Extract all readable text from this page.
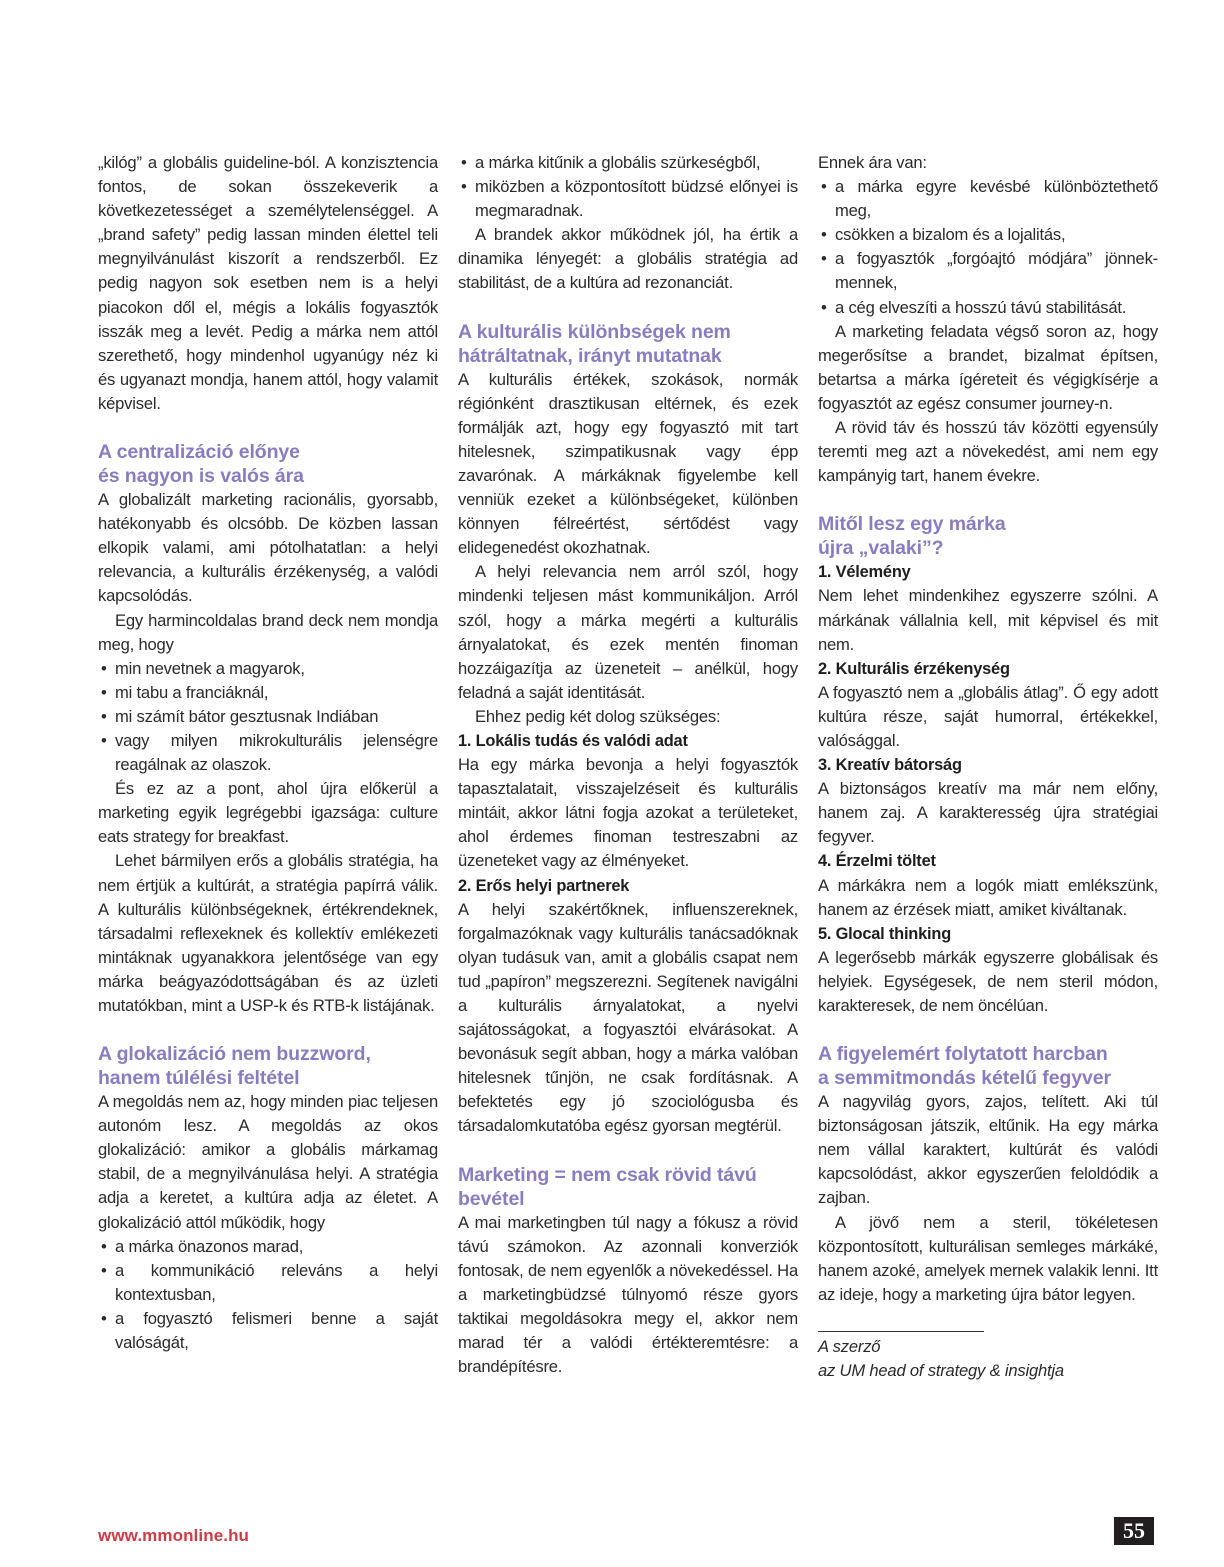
„kilóg” a globális guideline-ból. A konzisztencia fontos, de sokan összekeverik a következetességet a személytelenséggel. A „brand safety” pedig lassan minden élettel teli megnyilvánulást kiszorít a rendszerből. Ez pedig nagyon sok esetben nem is a helyi piacokon dől el, mégis a lokális fogyasztók isszák meg a levét. Pedig a márka nem attól szerethető, hogy mindenhol ugyanúgy néz ki és ugyanazt mondja, hanem attól, hogy valamit képvisel.

A centralizáció előnye
és nagyon is valós ára

A globalizált marketing racionális, gyorsabb, hatékonyabb és olcsóbb. De közben lassan elkopik valami, ami pótolhatatlan: a helyi relevancia, a kulturális érzékenység, a valódi kapcsolódás.

Egy harmincoldalas brand deck nem mondja meg, hogy

• min nevetnek a magyarok,
• mi tabu a franciáknál,
• mi számít bátor gesztusnak Indiában
• vagy milyen mikrokulturális jelenségre reagálnak az olaszok.

És ez az a pont, ahol újra előkerül a marketing egyik legrégebbi igazsága: culture eats strategy for breakfast.

Lehet bármilyen erős a globális stratégia, ha nem értjük a kultúrát, a stratégia papírrá válik. A kulturális különbségeknek, értékrendeknek, társadalmi reflexeknek és kollektív emlékezeti mintáknak ugyanakkora jelentősége van egy márka beágyazódottságában és az üzleti mutatókban, mint a USP-k és RTB-k listájának.

A glokalizáció nem buzzword,
hanem túlélési feltétel

A megoldás nem az, hogy minden piac teljesen autonóm lesz. A megoldás az okos glokalizáció: amikor a globális márkamag stabil, de a megnyilvánulása helyi. A stratégia adja a keretet, a kultúra adja az életet. A glokalizáció attól működik, hogy

• a márka önazonos marad,
• a kommunikáció releváns a helyi kontextusban,
• a fogyasztó felismeri benne a saját valóságát,
• a márka kitűnik a globális szürkeségből,
• miközben a központosított büdzsé előnyei is megmaradnak.

A brandek akkor működnek jól, ha értik a dinamika lényegét: a globális stratégia ad stabilitást, de a kultúra ad rezonanciát.

A kulturális különbségek nem
hátráltatnak, irányt mutatnak

A kulturális értékek, szokások, normák régiónként drasztikusan eltérnek, és ezek formálják azt, hogy egy fogyasztó mit tart hitelesnek, szimpatikusnak vagy épp zavarónak. A márkáknak figyelembe kell venniük ezeket a különbségeket, különben könnyen félreértést, sértődést vagy elidegenedést okozhatnak.

A helyi relevancia nem arról szól, hogy mindenki teljesen mást kommunikáljon. Arról szól, hogy a márka megérti a kulturális árnyalatokat, és ezek mentén finoman hozzáigazítja az üzeneteit – anélkül, hogy feladná a saját identitását.

Ehhez pedig két dolog szükséges:

1. Lokális tudás és valódi adat

Ha egy márka bevonja a helyi fogyasztók tapasztalatait, visszajelzéseit és kulturális mintáit, akkor látni fogja azokat a területeket, ahol érdemes finoman testreszabni az üzeneteket vagy az élményeket.

2. Erős helyi partnerek

A helyi szakértőknek, influenszereknek, forgalmazóknak vagy kulturális tanácsadóknak olyan tudásuk van, amit a globális csapat nem tud „papíron” megszerezni. Segítenek navigálni a kulturális árnyalatokat, a nyelvi sajátosságokat, a fogyasztói elvárásokat. A bevonásuk segít abban, hogy a márka valóban hitelesnek tűnjön, ne csak fordításnak. A befektetés egy jó szociológusba és társadalomkutatóba egész gyorsan megtérül.

Marketing = nem csak rövid távú
bevétel

A mai marketingben túl nagy a fókusz a rövid távú számokon. Az azonnali konverziók fontosak, de nem egyenlők a növekedéssel. Ha a marketingbüdzsé túlnyomó része gyors taktikai megoldásokra megy el, akkor nem marad tér a valódi értékteremtésre: a brandépítésre.

Ennek ára van:

• a márka egyre kevésbé különböztethető meg,
• csökken a bizalom és a lojalitás,
• a fogyasztók „forgóajtó módjára” jönnek-mennek,
• a cég elveszíti a hosszú távú stabilitását.

A marketing feladata végső soron az, hogy megerősítse a brandet, bizalmat építsen, betartsa a márka ígéreteit és végigkísérje a fogyasztót az egész consumer journey-n.

A rövid táv és hosszú táv közötti egyensúly teremti meg azt a növekedést, ami nem egy kampányig tart, hanem évekre.

Mitől lesz egy márka
újra „valaki”?

1. Vélemény

Nem lehet mindenkihez egyszerre szólni. A márkának vállalnia kell, mit képvisel és mit nem.

2. Kulturális érzékenység

A fogyasztó nem a „globális átlag”. Ő egy adott kultúra része, saját humorral, értékekkel, valósággal.

3. Kreatív bátorság

A biztonságos kreatív ma már nem előny, hanem zaj. A karakteresség újra stratégiai fegyver.

4. Érzelmi töltet

A márkákra nem a logók miatt emlékszünk, hanem az érzések miatt, amiket kiváltanak.

5. Glocal thinking

A legerősebb márkák egyszerre globálisak és helyiek. Egységesek, de nem steril módon, karakteresek, de nem öncélúan.

A figyelemért folytatott harcban
a semmitmondás kételű fegyver

A nagyvilág gyors, zajos, telített. Aki túl biztonságosan játszik, eltűnik. Ha egy márka nem vállal karaktert, kultúrát és valódi kapcsolódást, akkor egyszerűen feloldódik a zajban.

A jövő nem a steril, tökéletesen központosított, kulturálisan semleges márkáké, hanem azoké, amelyek mernek valakik lenni. Itt az ideje, hogy a marketing újra bátor legyen.

A szerző

az UM head of strategy & insightja

www.mmonline.hu	55
